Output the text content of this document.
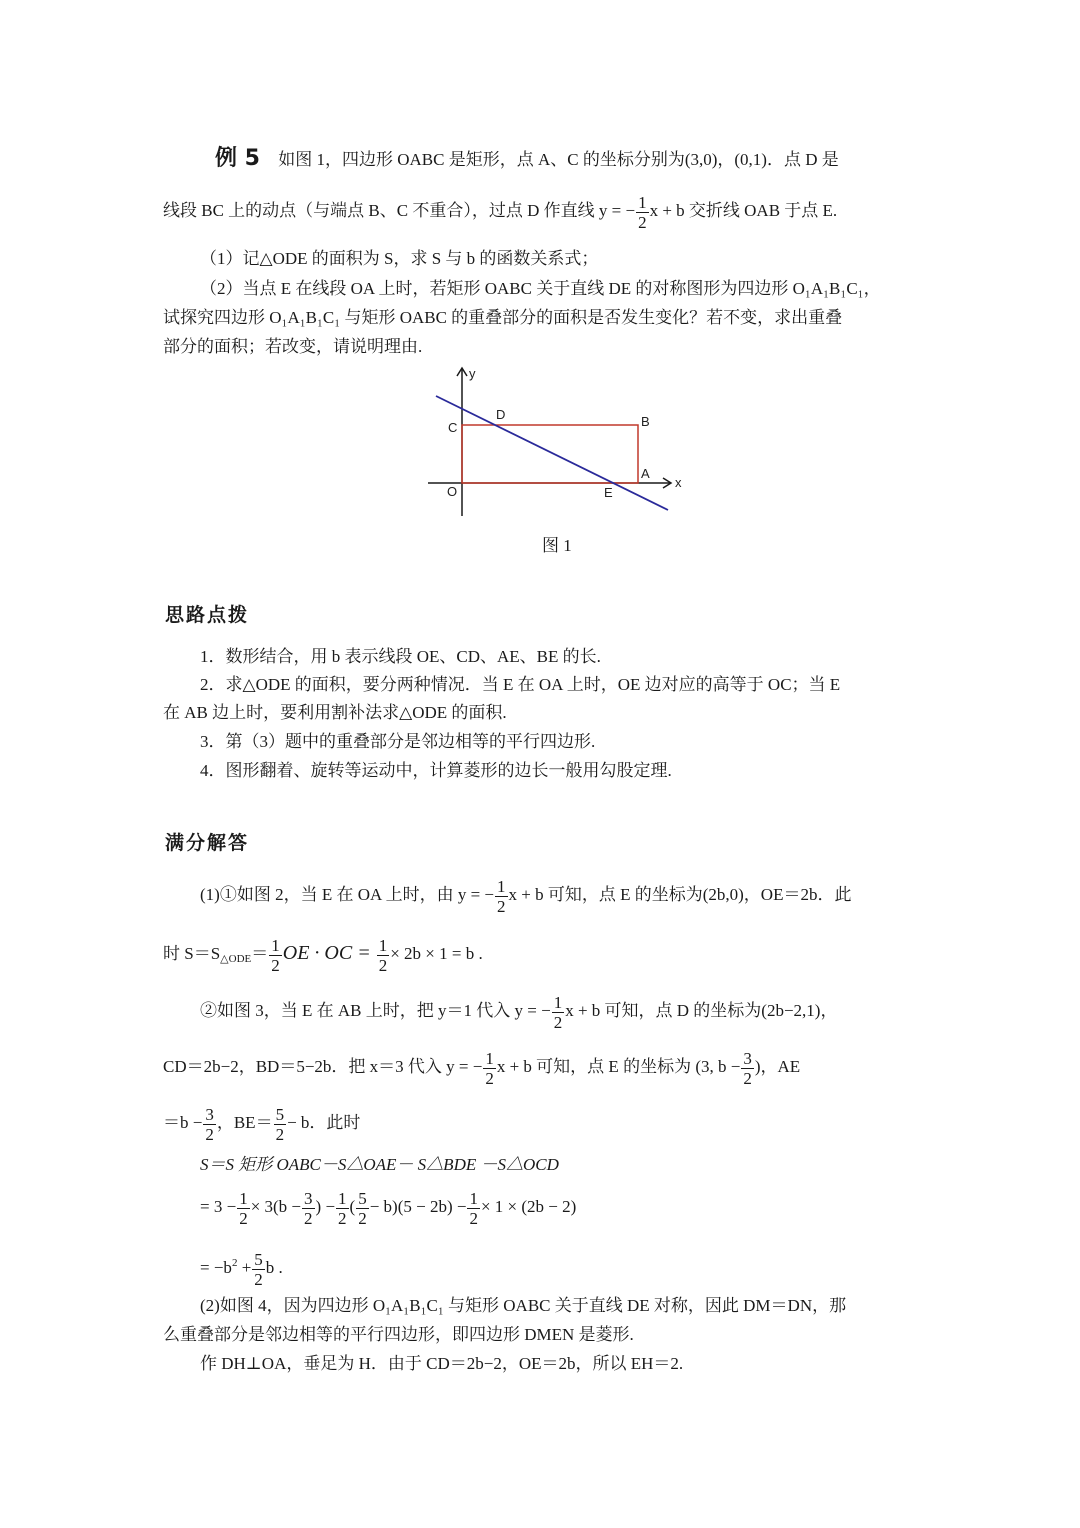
例 5 如图 1，四边形 OABC 是矩形，点 A、C 的坐标分别为(3,0)，(0,1)．点 D 是
线段 BC 上的动点（与端点 B、C 不重合），过点 D 作直线 y = − $\frac{1}{2}$ x + b 交折线 OAB 于点 E.
（1）记△ODE 的面积为 S，求 S 与 b 的函数关系式；
（2）当点 E 在线段 OA 上时，若矩形 OABC 关于直线 DE 的对称图形为四边形 O₁A₁B₁C₁，
试探究四边形 O₁A₁B₁C₁ 与矩形 OABC 的重叠部分的面积是否发生变化？若不变，求出重叠
部分的面积；若改变，请说明理由.
y
x
O
A
B
C
D
E
图 1
思路点拨
1．数形结合，用 b 表示线段 OE、CD、AE、BE 的长.
2．求△ODE 的面积，要分两种情况．当 E 在 OA 上时，OE 边对应的高等于 OC；当 E
在 AB 边上时，要利用割补法求△ODE 的面积.
3．第（3）题中的重叠部分是邻边相等的平行四边形.
4．图形翻着、旋转等运动中，计算菱形的边长一般用勾股定理.
满分解答
(1)①如图 2，当 E 在 OA 上时，由 y = − $\frac{1}{2}$ x + b 可知，点 E 的坐标为(2b,0)，OE＝2b．此
时 $S=S_{\triangle ODE}= \frac{1}{2}$ OE · OC = $\frac{1}{2} \times 2b \times 1 = b$ .
②如图 3，当 E 在 AB 上时，把 y＝1 代入 y = − $\frac{1}{2}$ x + b 可知，点 D 的坐标为(2b−2,1)，
CD＝2b−2，BD＝5−2b．把 x＝3 代入 y = − $\frac{1}{2}$ x + b 可知，点 E 的坐标为 (3, $b - \frac{3}{2}$ )，AE
$=b - \frac{3}{2}$ ，$BE= \frac{5}{2} - b$．此时
S＝S 矩形 OABC－S△OAE－ S△BDE －S△OCD
= $3 - \frac{1}{2} \times 3(b - \frac{3}{2}$ ) − $\frac{1}{2}$ ( $\frac{5}{2} - b)(5 - 2b) - \frac{1}{2} \times 1 \times (2b - 2)$
= $-b^2 + \frac{5}{2}$ b .
(2)如图 4，因为四边形 O₁A₁B₁C₁ 与矩形 OABC 关于直线 DE 对称，因此 DM＝DN，那
么重叠部分是邻边相等的平行四边形，即四边形 DMEN 是菱形.
作 DH⊥OA，垂足为 H．由于 CD＝2b−2，OE＝2b，所以 EH＝2.
